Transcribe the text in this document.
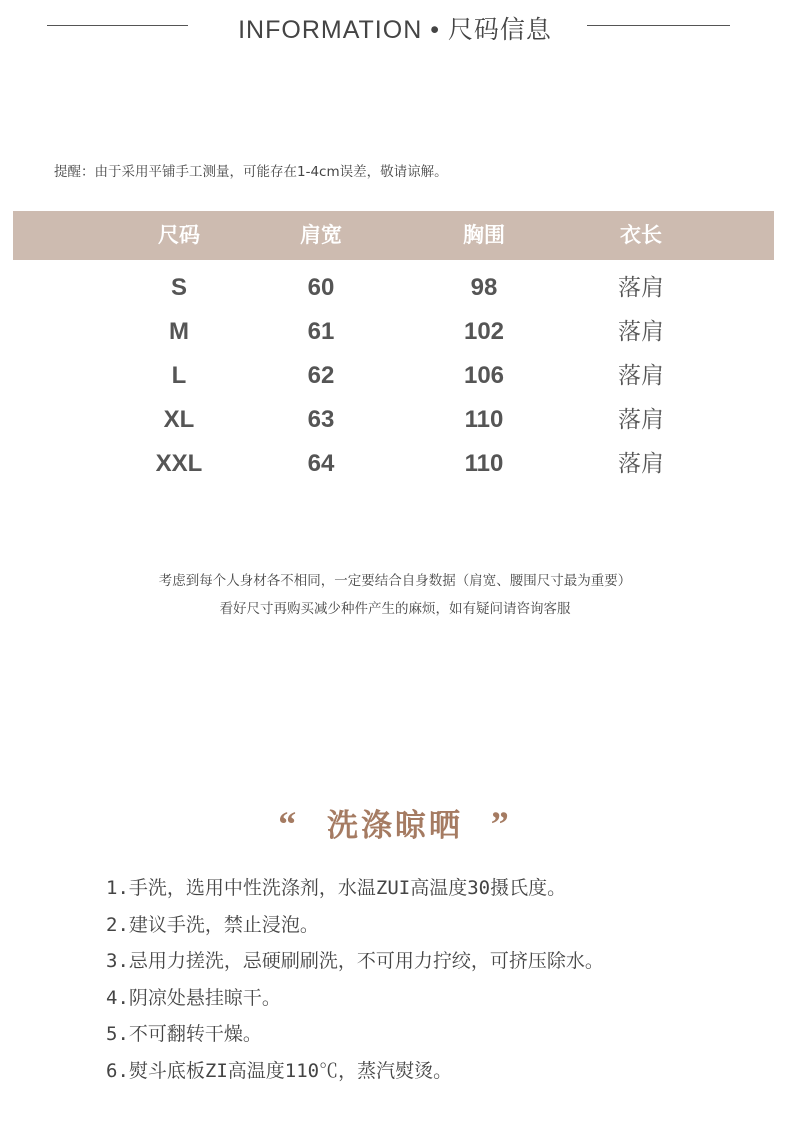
INFORMATION • 尺码信息
提醒：由于采用平铺手工测量，可能存在1-4cm误差，敬请谅解。
尺码	肩宽	胸围	衣长
S	60	98	落肩
M	61	102	落肩
L	62	106	落肩
XL	63	110	落肩
XXL	64	110	落肩
考虑到每个人身材各不相同，一定要结合自身数据（肩宽、腰围尺寸最为重要）
看好尺寸再购买减少种件产生的麻烦，如有疑问请咨询客服
“ 洗涤晾晒 ”
1.手洗，选用中性洗涤剂，水温ZUI高温度30摄氏度。
2.建议手洗，禁止浸泡。
3.忌用力搓洗，忌硬刷刷洗，不可用力拧绞，可挤压除水。
4.阴凉处悬挂晾干。
5.不可翻转干燥。
6.熨斗底板ZI高温度110℃，蒸汽熨烫。
